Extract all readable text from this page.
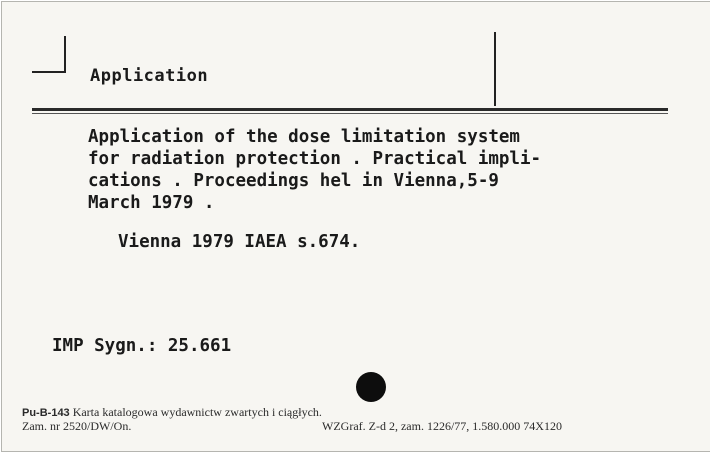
Application
Application of the dose limitation system
for radiation protection . Practical impli-
cations . Proceedings hel in Vienna,5-9
March 1979 .
Vienna 1979 IAEA s.674.
IMP Sygn.: 25.661
Pu-B-143 Karta katalogowa wydawnictw zwartych i ciągłych.
Zam. nr 2520/DW/On.	WZGraf. Z-d 2, zam. 1226/77, 1.580.000 74X120
